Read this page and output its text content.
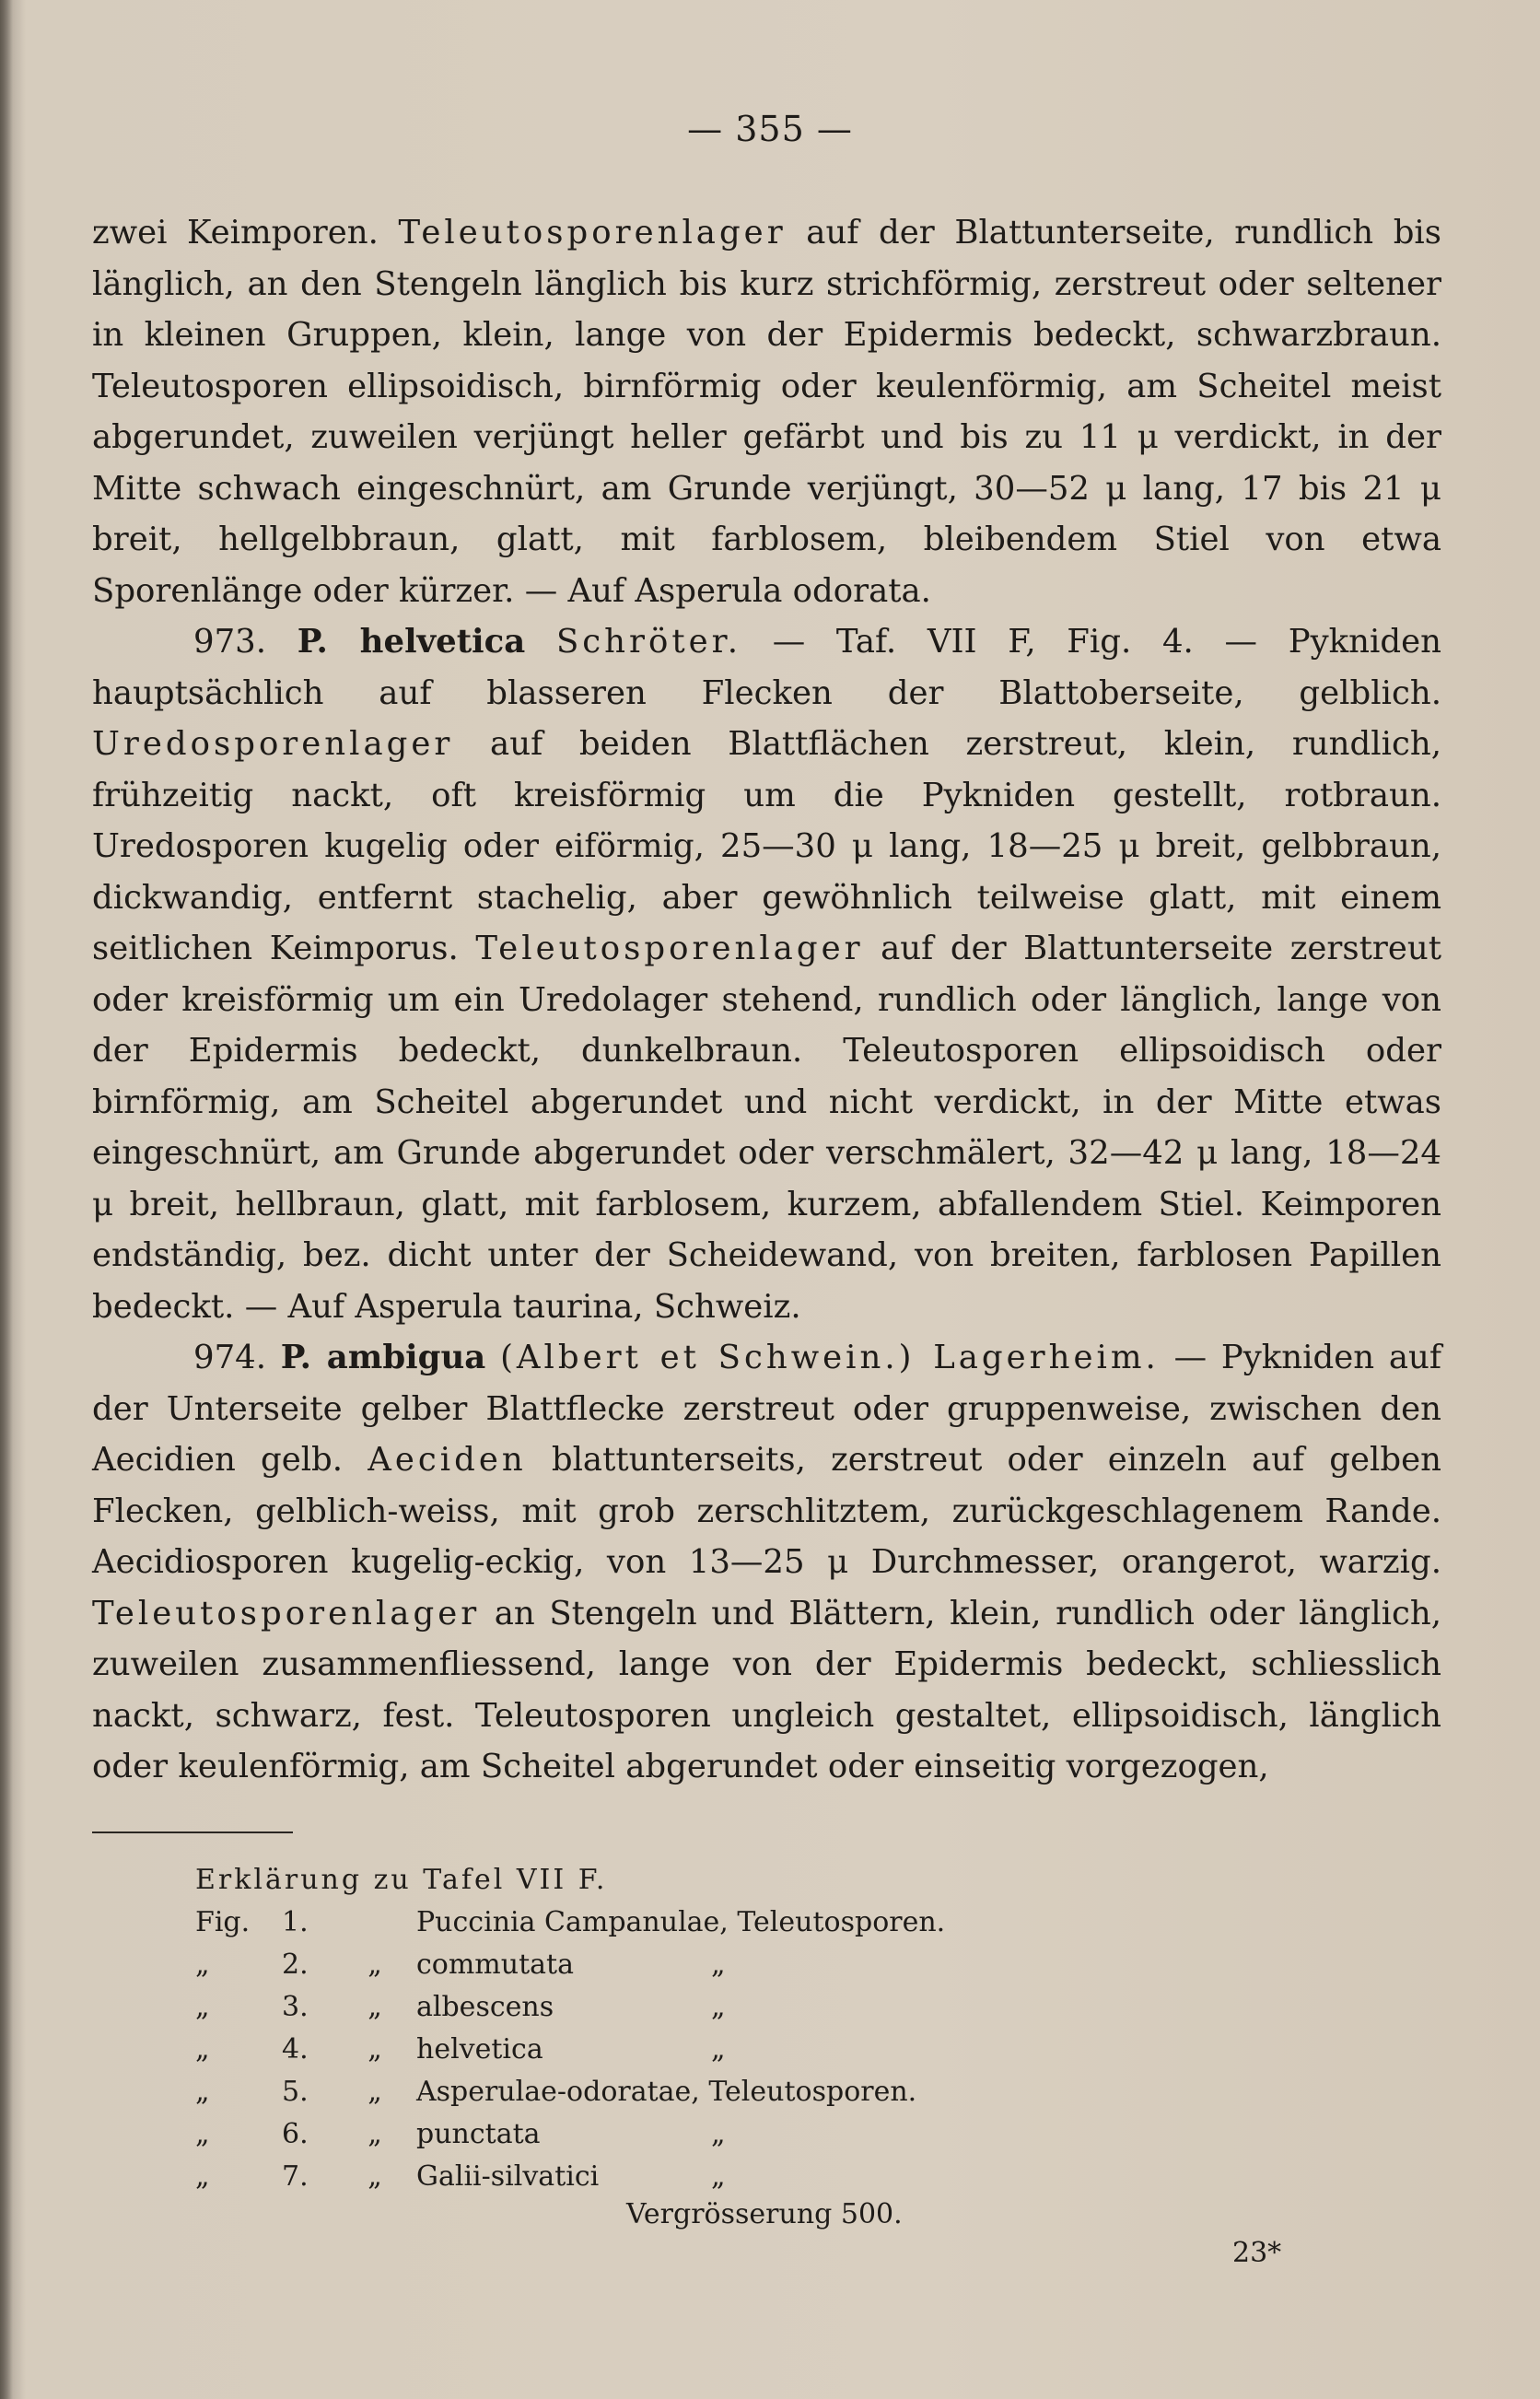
— 355 —

zwei Keimporen. Teleutosporenlager auf der Blattunterseite, rundlich bis länglich, an den Stengeln länglich bis kurz strichförmig, zerstreut oder seltener in kleinen Gruppen, klein, lange von der Epidermis bedeckt, schwarzbraun. Teleutosporen ellipsoidisch, birnförmig oder keulenförmig, am Scheitel meist abgerundet, zuweilen verjüngt heller gefärbt und bis zu 11 μ verdickt, in der Mitte schwach eingeschnürt, am Grunde verjüngt, 30—52 μ lang, 17 bis 21 μ breit, hellgelbbraun, glatt, mit farblosem, bleibendem Stiel von etwa Sporenlänge oder kürzer. — Auf Asperula odorata.

973. P. helvetica Schröter. — Taf. VII F, Fig. 4. — Pykniden hauptsächlich auf blasseren Flecken der Blattoberseite, gelblich. Uredosporenlager auf beiden Blattflächen zerstreut, klein, rundlich, frühzeitig nackt, oft kreisförmig um die Pykniden gestellt, rotbraun. Uredosporen kugelig oder eiförmig, 25—30 μ lang, 18—25 μ breit, gelbbraun, dickwandig, entfernt stachelig, aber gewöhnlich teilweise glatt, mit einem seitlichen Keimporus. Teleutosporenlager auf der Blattunterseite zerstreut oder kreisförmig um ein Uredolager stehend, rundlich oder länglich, lange von der Epidermis bedeckt, dunkelbraun. Teleutosporen ellipsoidisch oder birnförmig, am Scheitel abgerundet und nicht verdickt, in der Mitte etwas eingeschnürt, am Grunde abgerundet oder verschmälert, 32—42 μ lang, 18—24 μ breit, hellbraun, glatt, mit farblosem, kurzem, abfallendem Stiel. Keimporen endständig, bez. dicht unter der Scheidewand, von breiten, farblosen Papillen bedeckt. — Auf Asperula taurina, Schweiz.

974. P. ambigua (Albert et Schwein.) Lagerheim. — Pykniden auf der Unterseite gelber Blattflecke zerstreut oder gruppenweise, zwischen den Aecidien gelb. Aeciden blattunterseits, zerstreut oder einzeln auf gelben Flecken, gelblich-weiss, mit grob zerschlitztem, zurückgeschlagenem Rande. Aecidiosporen kugelig-eckig, von 13—25 μ Durchmesser, orangerot, warzig. Teleutosporenlager an Stengeln und Blättern, klein, rundlich oder länglich, zuweilen zusammenfliessend, lange von der Epidermis bedeckt, schliesslich nackt, schwarz, fest. Teleutosporen ungleich gestaltet, ellipsoidisch, länglich oder keulenförmig, am Scheitel abgerundet oder einseitig vorgezogen,

Erklärung zu Tafel VII F.
Fig.	1.	Puccinia Campanulae, Teleutosporen.
„	2.	„	commutata	„
„	3.	„	albescens	„
„	4.	„	helvetica	„
„	5.	„	Asperulae-odoratae, Teleutosporen.
„	6.	„	punctata	„
„	7.	„	Galii-silvatici	„
Vergrösserung 500.
23*
